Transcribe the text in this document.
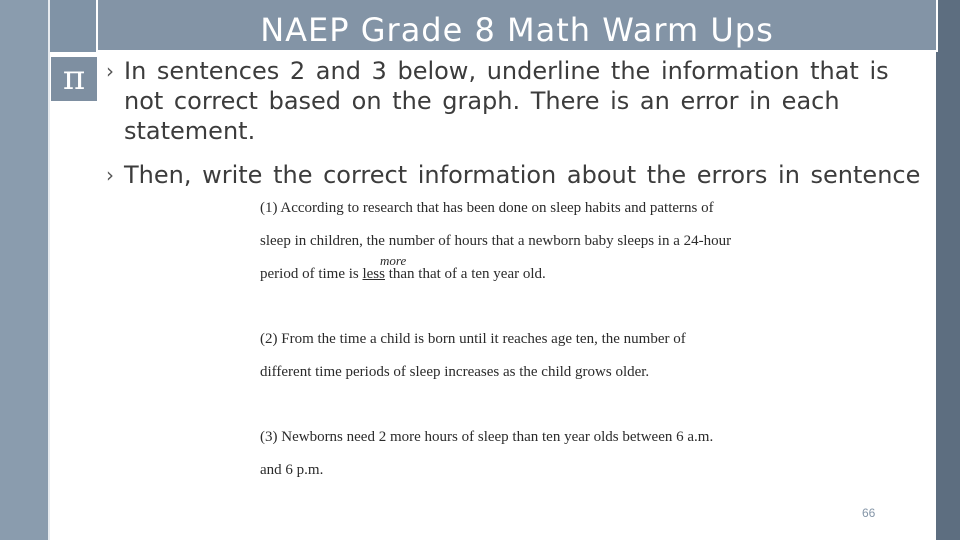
NAEP Grade 8 Math Warm Ups
π	› In sentences 2 and 3 below, underline the information that is not correct based on the graph. There is an error in each statement.
› Then, write the correct information about the errors in sentence
(1) According to research that has been done on sleep habits and patterns of
sleep in children, the number of hours that a newborn baby sleeps in a 24-hour
more
period of time is less than that of a ten year old.
(2) From the time a child is born until it reaches age ten, the number of
different time periods of sleep increases as the child grows older.
(3) Newborns need 2 more hours of sleep than ten year olds between 6 a.m.
and 6 p.m.
66
